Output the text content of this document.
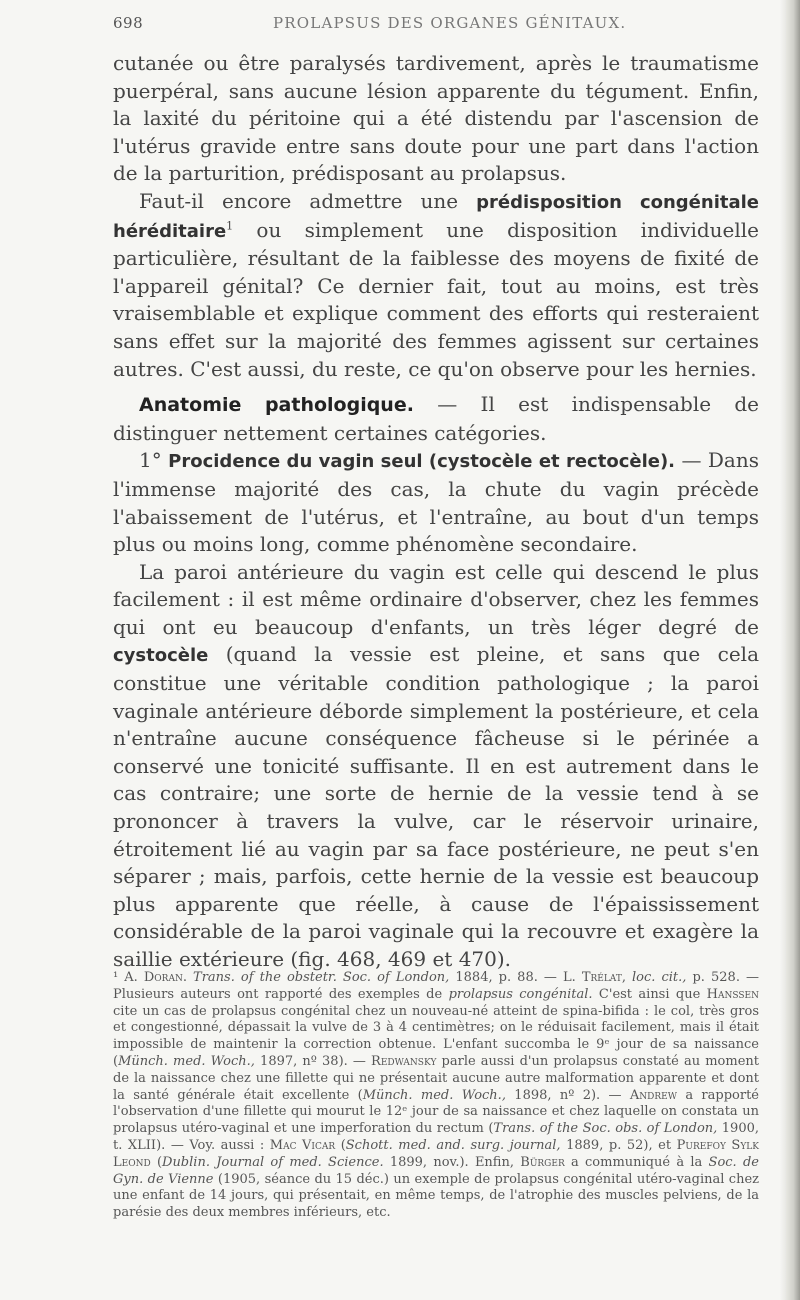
698	PROLAPSUS DES ORGANES GÉNITAUX.

cutanée ou être paralysés tardivement, après le traumatisme puerpéral, sans aucune lésion apparente du tégument. Enfin, la laxité du péritoine qui a été distendu par l'ascension de l'utérus gravide entre sans doute pour une part dans l'action de la parturition, prédisposant au prolapsus.

Faut-il encore admettre une prédisposition congénitale héréditaire$^1$ ou simplement une disposition individuelle particulière, résultant de la faiblesse des moyens de fixité de l'appareil génital? Ce dernier fait, tout au moins, est très vraisemblable et explique comment des efforts qui resteraient sans effet sur la majorité des femmes agissent sur certaines autres. C'est aussi, du reste, ce qu'on observe pour les hernies.

Anatomie pathologique. — Il est indispensable de distinguer nettement certaines catégories.

1° Procidence du vagin seul (cystocèle et rectocèle). — Dans l'immense majorité des cas, la chute du vagin précède l'abaissement de l'utérus, et l'entraîne, au bout d'un temps plus ou moins long, comme phénomène secondaire.

La paroi antérieure du vagin est celle qui descend le plus facilement : il est même ordinaire d'observer, chez les femmes qui ont eu beaucoup d'enfants, un très léger degré de cystocèle (quand la vessie est pleine, et sans que cela constitue une véritable condition pathologique ; la paroi vaginale antérieure déborde simplement la postérieure, et cela n'entraîne aucune conséquence fâcheuse si le périnée a conservé une tonicité suffisante. Il en est autrement dans le cas contraire; une sorte de hernie de la vessie tend à se prononcer à travers la vulve, car le réservoir urinaire, étroitement lié au vagin par sa face postérieure, ne peut s'en séparer ; mais, parfois, cette hernie de la vessie est beaucoup plus apparente que réelle, à cause de l'épaississement considérable de la paroi vaginale qui la recouvre et exagère la saillie extérieure (fig. 468, 469 et 470).

¹ A. Doran. Trans. of the obstetr. Soc. of London, 1884, p. 88. — L. Trélat, loc. cit., p. 528. — Plusieurs auteurs ont rapporté des exemples de prolapsus congénital. C'est ainsi que Hanssen cite un cas de prolapsus congénital chez un nouveau-né atteint de spina-bifida : le col, très gros et congestionné, dépassait la vulve de 3 à 4 centimètres; on le réduisait facilement, mais il était impossible de maintenir la correction obtenue. L'enfant succomba le 9ᵉ jour de sa naissance (Münch. med. Woch., 1897, nº 38). — Redwansky parle aussi d'un prolapsus constaté au moment de la naissance chez une fillette qui ne présentait aucune autre malformation apparente et dont la santé générale était excellente (Münch. med. Woch., 1898, nº 2). — Andrew a rapporté l'observation d'une fillette qui mourut le 12ᵉ jour de sa naissance et chez laquelle on constata un prolapsus utéro-vaginal et une imperforation du rectum (Trans. of the Soc. obs. of London, 1900, t. XLII). — Voy. aussi : Mac Vicar (Schott. med. and. surg. journal, 1889, p. 52), et Purefoy Sylk Leond (Dublin. Journal of med. Science. 1899, nov.). Enfin, Bürger a communiqué à la Soc. de Gyn. de Vienne (1905, séance du 15 déc.) un exemple de prolapsus congénital utéro-vaginal chez une enfant de 14 jours, qui présentait, en même temps, de l'atrophie des muscles pelviens, de la parésie des deux membres inférieurs, etc.
